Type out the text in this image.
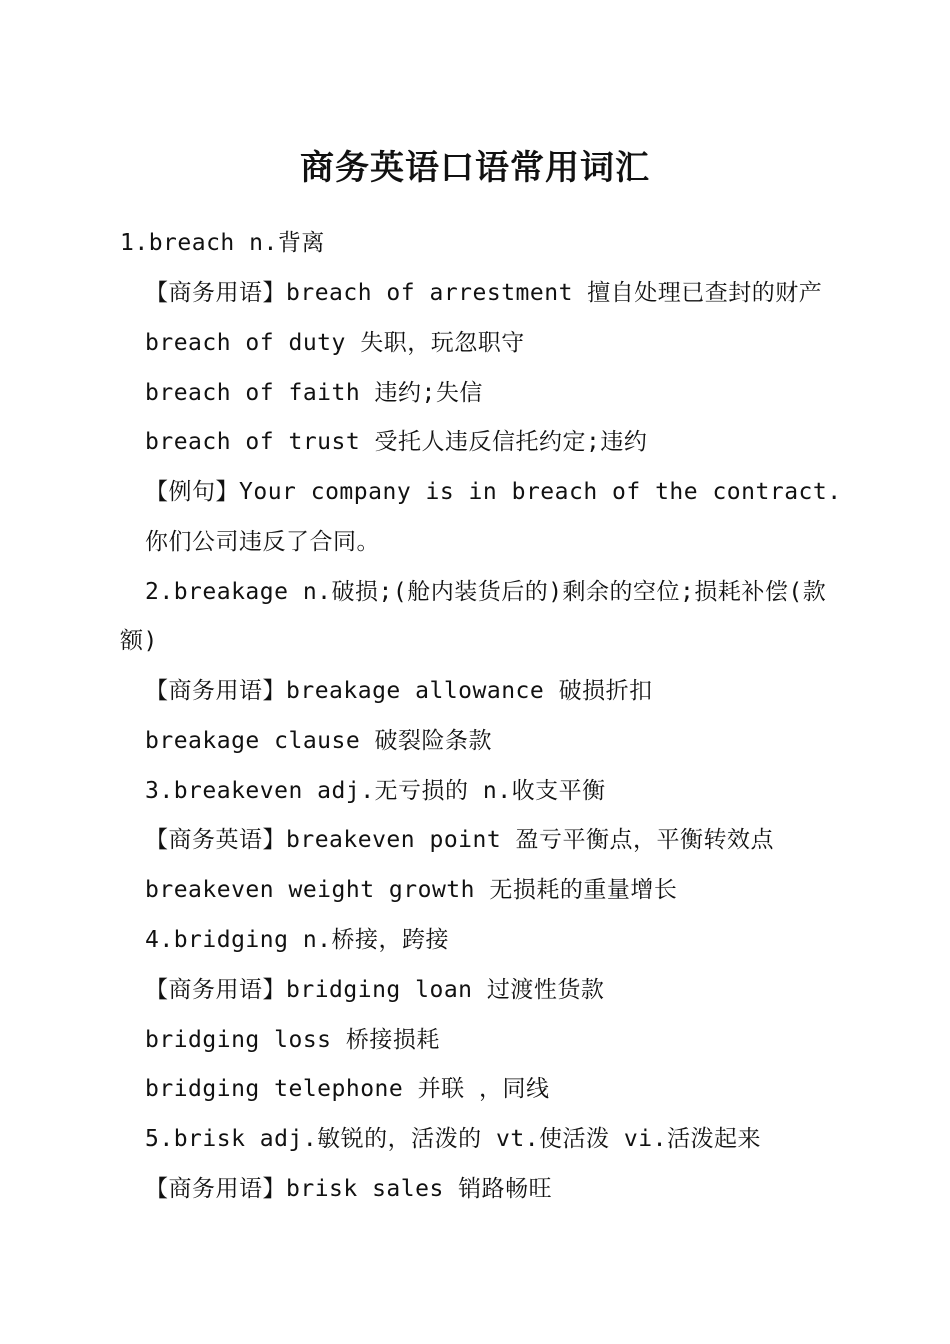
商务英语口语常用词汇
1.breach n.背离
【商务用语】breach of arrestment 擅自处理已查封的财产
breach of duty 失职，玩忽职守
breach of faith 违约;失信
breach of trust 受托人违反信托约定;违约
【例句】Your company is in breach of the contract.
你们公司违反了合同。
2.breakage n.破损;(舱内装货后的)剩余的空位;损耗补偿(款
额)
【商务用语】breakage allowance 破损折扣
breakage clause 破裂险条款
3.breakeven adj.无亏损的 n.收支平衡
【商务英语】breakeven point 盈亏平衡点，平衡转效点
breakeven weight growth 无损耗的重量增长
4.bridging n.桥接，跨接
【商务用语】bridging loan 过渡性货款
bridging loss 桥接损耗
bridging telephone 并联 ，同线
5.brisk adj.敏锐的，活泼的 vt.使活泼 vi.活泼起来
【商务用语】brisk sales 销路畅旺
